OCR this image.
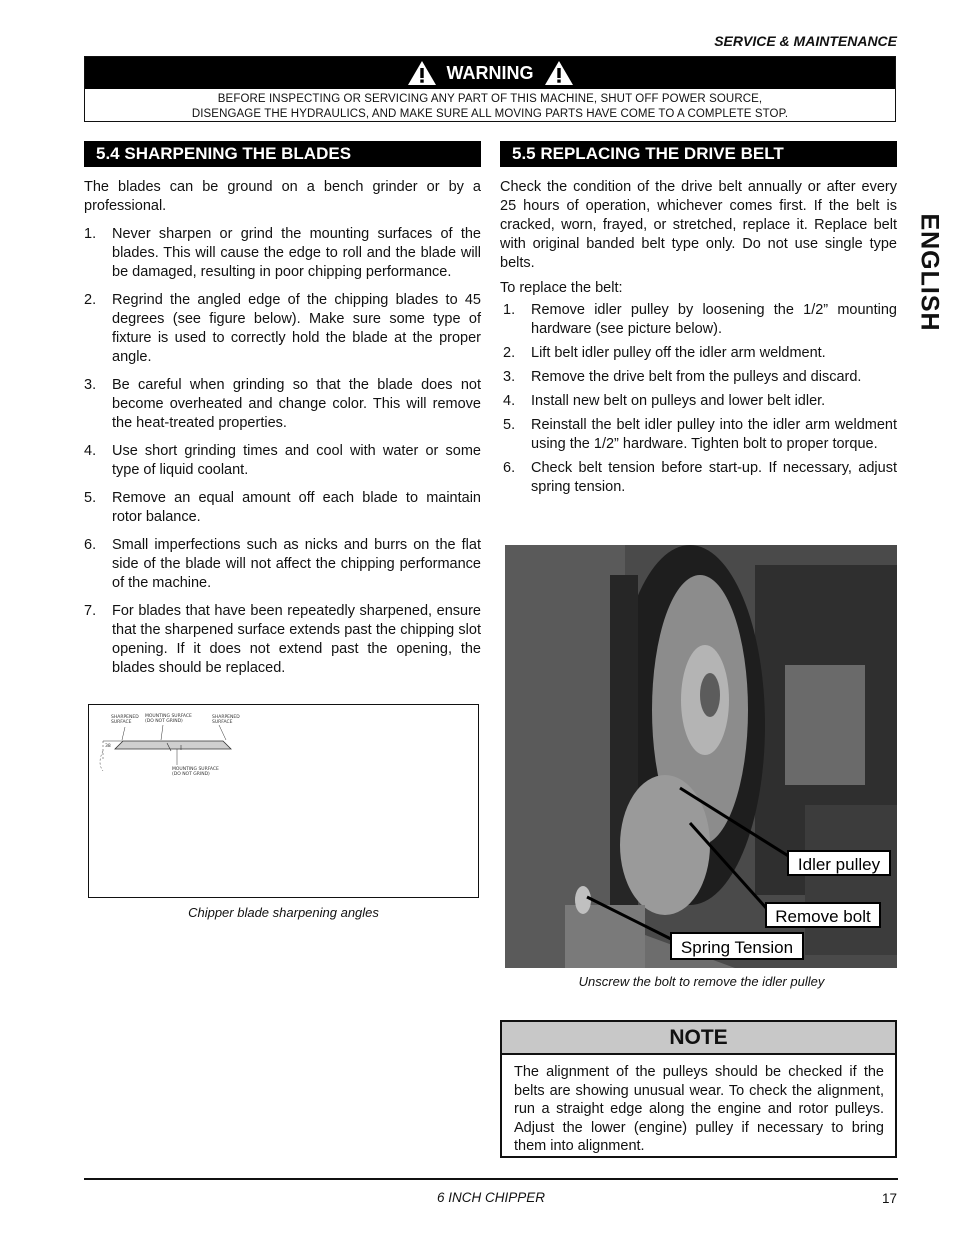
SERVICE & MAINTENANCE
WARNING
BEFORE INSPECTING OR SERVICING ANY PART OF THIS MACHINE, SHUT OFF POWER SOURCE,
DISENGAGE THE HYDRAULICS, AND MAKE SURE ALL MOVING PARTS HAVE COME TO A COMPLETE STOP.
ENGLISH
5.4 SHARPENING THE BLADES
The blades can be ground on a bench grinder or by a professional.
1. Never sharpen or grind the mounting surfaces of the blades. This will cause the edge to roll and the blade will be damaged, resulting in poor chipping performance.
2. Regrind the angled edge of the chipping blades to 45 degrees (see figure below). Make sure some type of fixture is used to correctly hold the blade at the proper angle.
3. Be careful when grinding so that the blade does not become overheated and change color. This will remove the heat-treated properties.
4. Use short grinding times and cool with water or some type of liquid coolant.
5. Remove an equal amount off each blade to maintain rotor balance.
6. Small imperfections such as nicks and burrs on the flat side of the blade will not affect the chipping performance of the machine.
7. For blades that have been repeatedly sharpened, ensure that the sharpened surface extends past the chipping slot opening. If it does not extend past the opening, the blades should be replaced.
SHARPENED
SURFACE
MOUNTING SURFACE
(DO NOT GRIND)
SHARPENED
SURFACE
MOUNTING SURFACE
(DO NOT GRIND)
38
Chipper blade sharpening angles
5.5 REPLACING THE DRIVE BELT
Check the condition of the drive belt annually or after every 25 hours of operation, whichever comes first. If the belt is cracked, worn, frayed, or stretched, replace it. Replace belt with original banded belt type only. Do not use single type belts.
To replace the belt:
1. Remove idler pulley by loosening the 1/2” mounting hardware (see picture below).
2. Lift belt idler pulley off the idler arm weldment.
3. Remove the drive belt from the pulleys and discard.
4. Install new belt on pulleys and lower belt idler.
5. Reinstall the belt idler pulley into the idler arm weldment using the 1/2” hardware. Tighten bolt to proper torque.
6. Check belt tension before start-up. If necessary, adjust spring tension.
Idler pulley
Remove bolt
Spring Tension
Unscrew the bolt to remove the idler pulley
NOTE
The alignment of the pulleys should be checked if the belts are showing unusual wear. To check the alignment, run a straight edge along the engine and rotor pulleys. Adjust the lower (engine) pulley if necessary to bring them into alignment.
6 INCH CHIPPER	17
